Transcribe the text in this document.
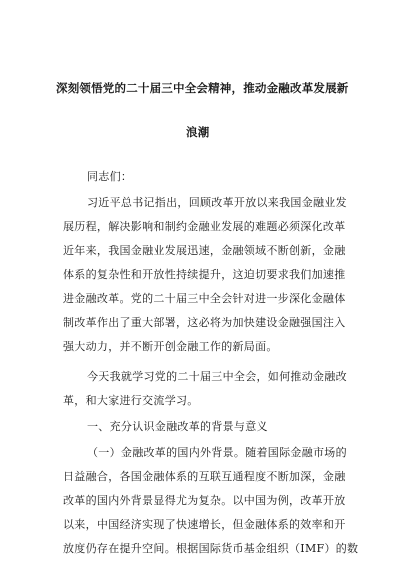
深刻领悟党的二十届三中全会精神，推动金融改革发展新
浪潮
同志们：
习近平总书记指出，回顾改革开放以来我国金融业发
展历程，解决影响和制约金融业发展的难题必须深化改革
近年来，我国金融业发展迅速，金融领域不断创新，金融
体系的复杂性和开放性持续提升，这迫切要求我们加速推
进金融改革。党的二十届三中全会针对进一步深化金融体
制改革作出了重大部署，这必将为加快建设金融强国注入
强大动力，并不断开创金融工作的新局面。
今天我就学习党的二十届三中全会，如何推动金融改
革，和大家进行交流学习。
一、充分认识金融改革的背景与意义
（一）金融改革的国内外背景。随着国际金融市场的
日益融合，各国金融体系的互联互通程度不断加深，金融
改革的国内外背景显得尤为复杂。以中国为例，改革开放
以来，中国经济实现了快速增长，但金融体系的效率和开
放度仍存在提升空间。根据国际货币基金组织（IMF）的数
